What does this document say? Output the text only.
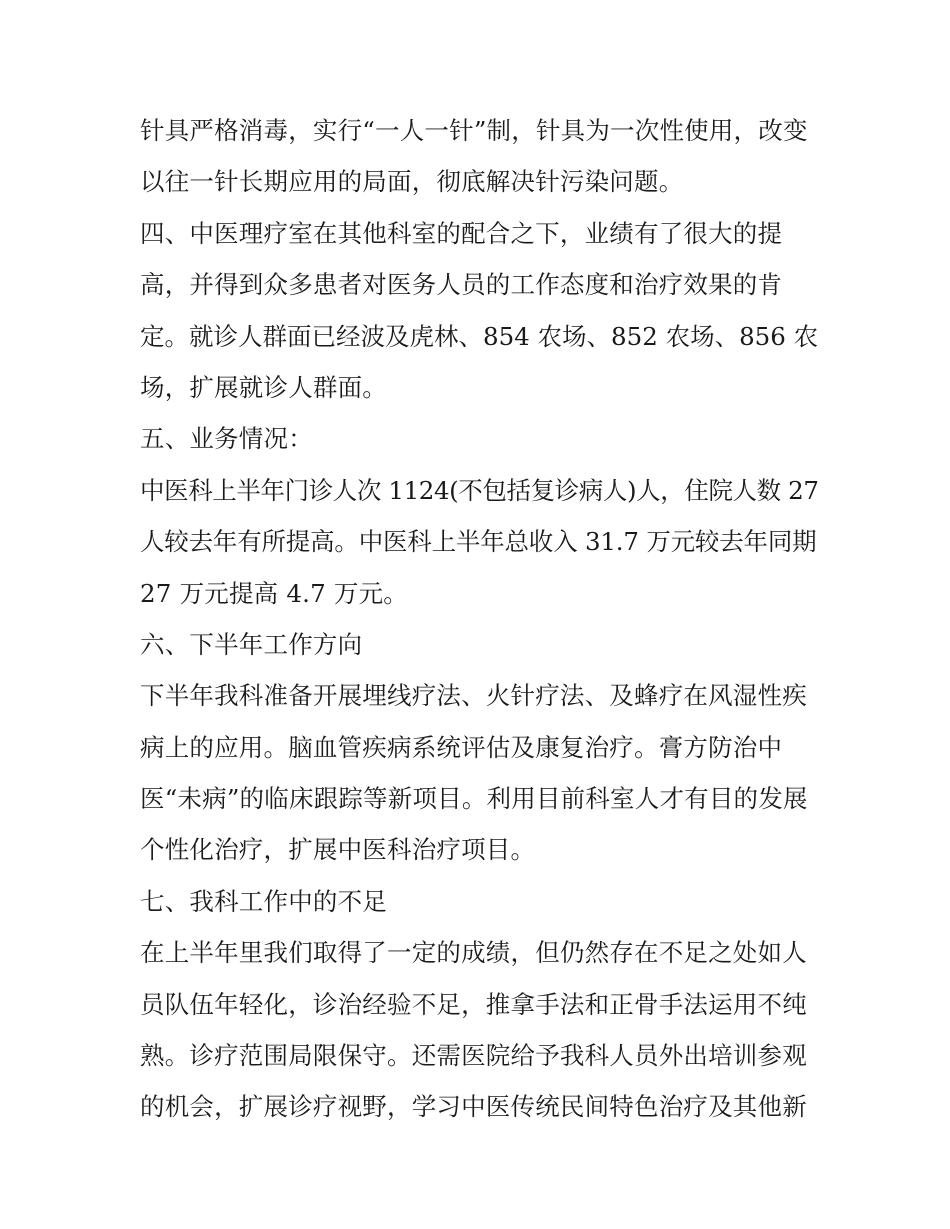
针具严格消毒，实行“一人一针”制，针具为一次性使用，改变
以往一针长期应用的局面，彻底解决针污染问题。
四、中医理疗室在其他科室的配合之下，业绩有了很大的提
高，并得到众多患者对医务人员的工作态度和治疗效果的肯
定。就诊人群面已经波及虎林、854 农场、852 农场、856 农
场，扩展就诊人群面。
五、业务情况：
中医科上半年门诊人次 1124(不包括复诊病人)人，住院人数 27
人较去年有所提高。中医科上半年总收入 31.7 万元较去年同期
27 万元提高 4.7 万元。
六、下半年工作方向
下半年我科准备开展埋线疗法、火针疗法、及蜂疗在风湿性疾
病上的应用。脑血管疾病系统评估及康复治疗。膏方防治中
医“未病”的临床跟踪等新项目。利用目前科室人才有目的发展
个性化治疗，扩展中医科治疗项目。
七、我科工作中的不足
在上半年里我们取得了一定的成绩，但仍然存在不足之处如人
员队伍年轻化，诊治经验不足，推拿手法和正骨手法运用不纯
熟。诊疗范围局限保守。还需医院给予我科人员外出培训参观
的机会，扩展诊疗视野，学习中医传统民间特色治疗及其他新
